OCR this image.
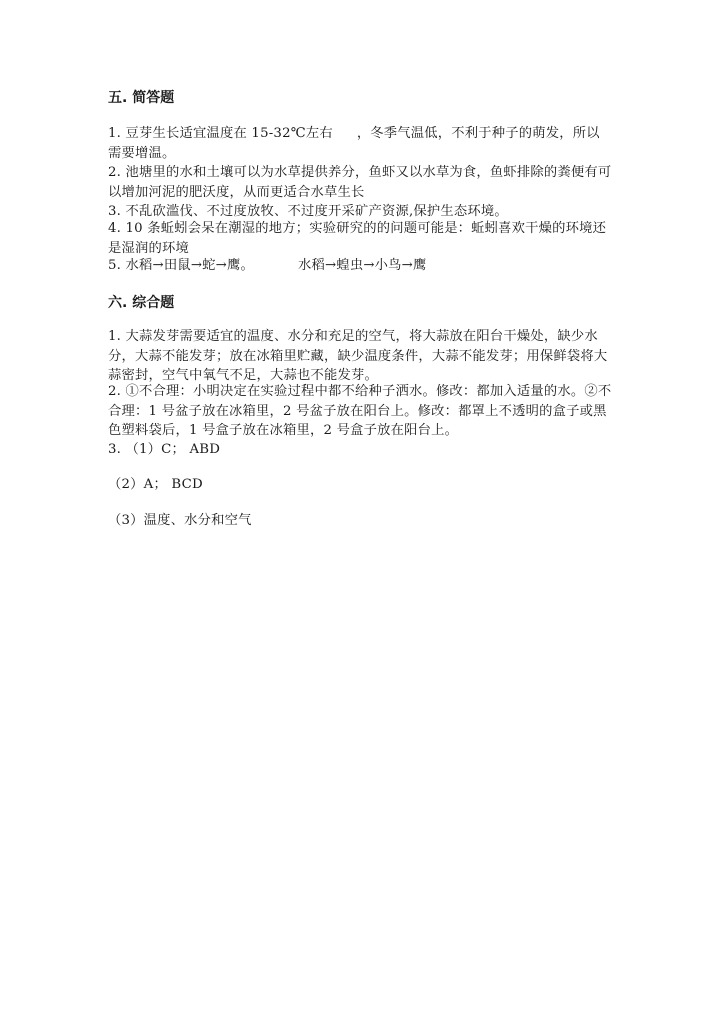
五. 简答题
1. 豆芽生长适宜温度在 15-32℃左右 ，冬季气温低，不利于种子的萌发，所以需要增温。
2. 池塘里的水和土壤可以为水草提供养分，鱼虾又以水草为食，鱼虾排除的粪便有可以增加河泥的肥沃度，从而更适合水草生长
3. 不乱砍滥伐、不过度放牧、不过度开采矿产资源,保护生态环境。
4. 10 条蚯蚓会呆在潮湿的地方；实验研究的的问题可能是：蚯蚓喜欢干燥的环境还是湿润的环境
5. 水稻→田鼠→蛇→鹰。	水稻→蝗虫→小鸟→鹰
六. 综合题
1. 大蒜发芽需要适宜的温度、水分和充足的空气，将大蒜放在阳台干燥处，缺少水分，大蒜不能发芽；放在冰箱里贮藏，缺少温度条件，大蒜不能发芽；用保鲜袋将大蒜密封，空气中氧气不足，大蒜也不能发芽。
2. ①不合理：小明决定在实验过程中都不给种子洒水。修改：都加入适量的水。②不合理：1 号盆子放在冰箱里，2 号盆子放在阳台上。修改：都罩上不透明的盒子或黑色塑料袋后，1 号盒子放在冰箱里，2 号盒子放在阳台上。
3. （1）C； ABD
（2）A； BCD
（3）温度、水分和空气
